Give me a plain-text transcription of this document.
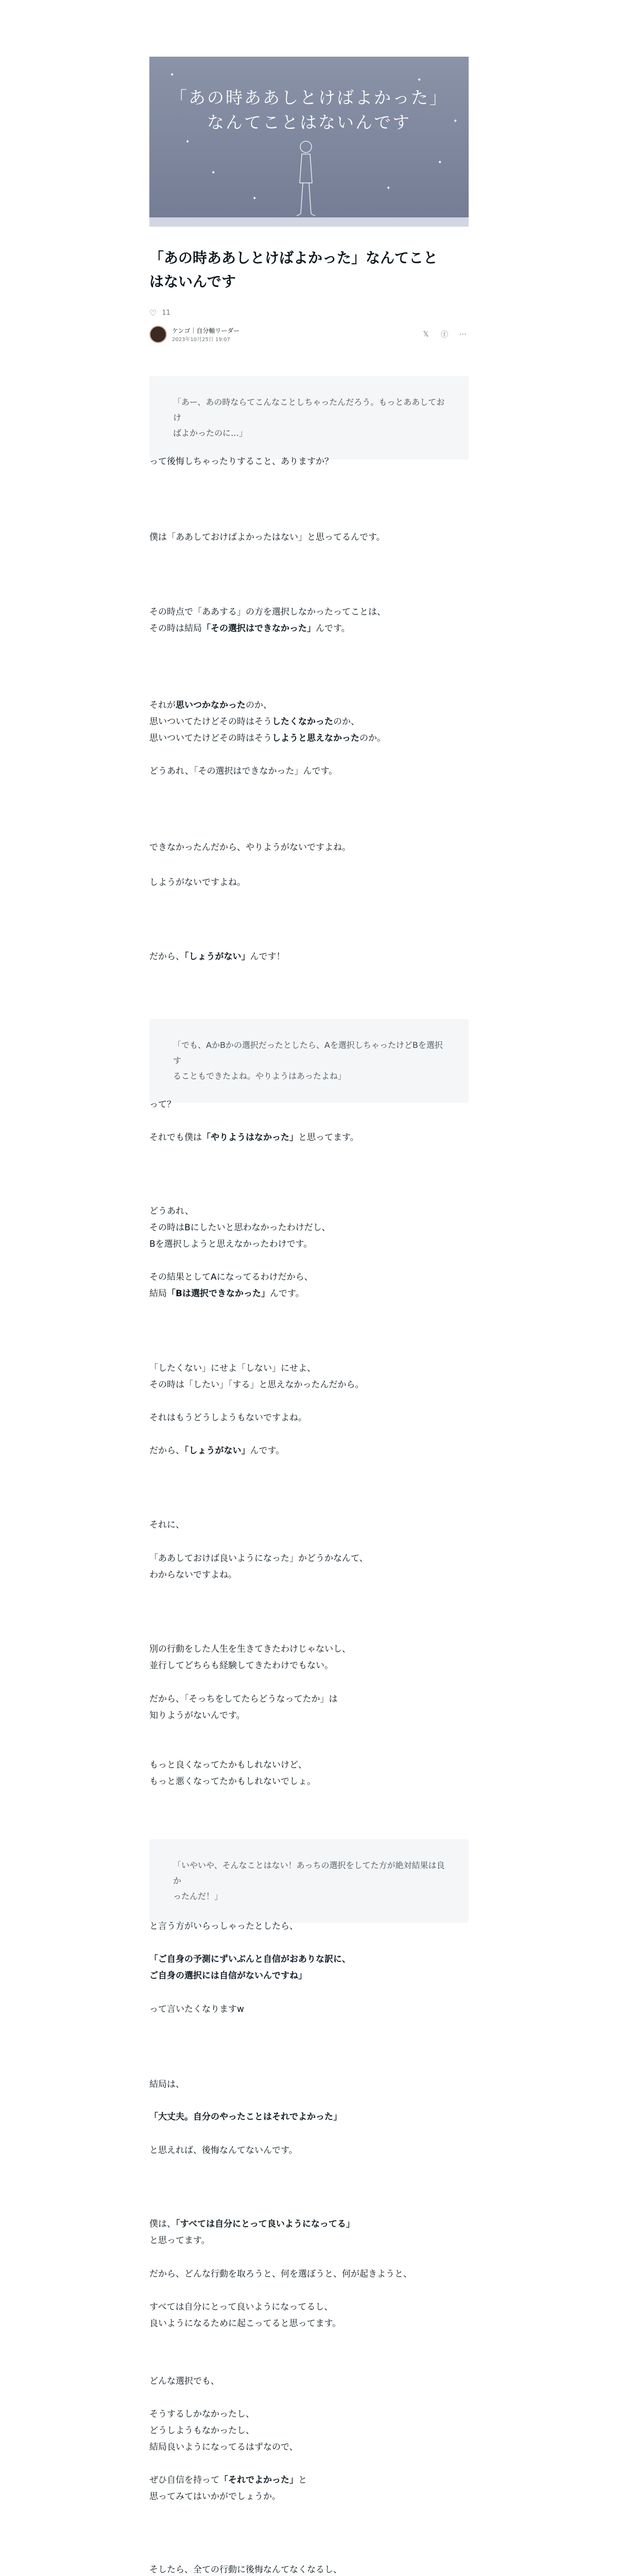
✦
✦
✦
✦
✦
✦
✦
✦
「あの時ああしとけばよかった」
なんてことはないんです
「あの時ああしとけばよかった」なんてこと
はないんです
♡ 11
ケンゴ｜自分軸リーダー
2023年10月25日 19:07
𝕏	ⓕ ⋯
「あー、あの時ならてこんなことしちゃったんだろう。もっとああしておけ
ばよかったのに…」
って後悔しちゃったりすること、ありますか？
僕は「ああしておけばよかったはない」と思ってるんです。
その時点で「ああする」の方を選択しなかったってことは、
その時は結局「その選択はできなかった」んです。
それが思いつかなかったのか、
思いついてたけどその時はそうしたくなかったのか、
思いついてたけどその時はそうしようと思えなかったのか。
どうあれ、「その選択はできなかった」んです。
できなかったんだから、やりようがないですよね。
しようがないですよね。
だから、「しょうがない」んです！
「でも、AかBかの選択だったとしたら、Aを選択しちゃったけどBを選択す
ることもできたよね。やりようはあったよね」
って？
それでも僕は「やりようはなかった」と思ってます。
どうあれ、
その時はBにしたいと思わなかったわけだし、
Bを選択しようと思えなかったわけです。
その結果としてAになってるわけだから、
結局「Bは選択できなかった」んです。
「したくない」にせよ「しない」にせよ、
その時は「したい」「する」と思えなかったんだから。
それはもうどうしようもないですよね。
だから、「しょうがない」んです。
それに、
「ああしておけば良いようになった」かどうかなんて、
わからないですよね。
別の行動をした人生を生きてきたわけじゃないし、
並行してどちらも経験してきたわけでもない。
だから、「そっちをしてたらどうなってたか」は
知りようがないんです。
もっと良くなってたかもしれないけど、
もっと悪くなってたかもしれないでしょ。
「いやいや、そんなことはない！あっちの選択をしてた方が絶対結果は良か
ったんだ！」
と言う方がいらっしゃったとしたら、
「ご自身の予測にずいぶんと自信がおありな訳に、
ご自身の選択には自信がないんですね」
って言いたくなりますw
結局は、
「大丈夫。自分のやったことはそれでよかった」
と思えれば、後悔なんてないんです。
僕は、「すべては自分にとって良いようになってる」
と思ってます。
だから、どんな行動を取ろうと、何を選ぼうと、何が起きようと、
すべては自分にとって良いようになってるし、
良いようになるために起こってると思ってます。
どんな選択でも、
そうするしかなかったし、
どうしようもなかったし、
結局良いようになってるはずなので、
ぜひ自信を持って「それでよかった」と
思ってみてはいかがでしょうか。
そしたら、全ての行動に後悔なんてなくなるし、
